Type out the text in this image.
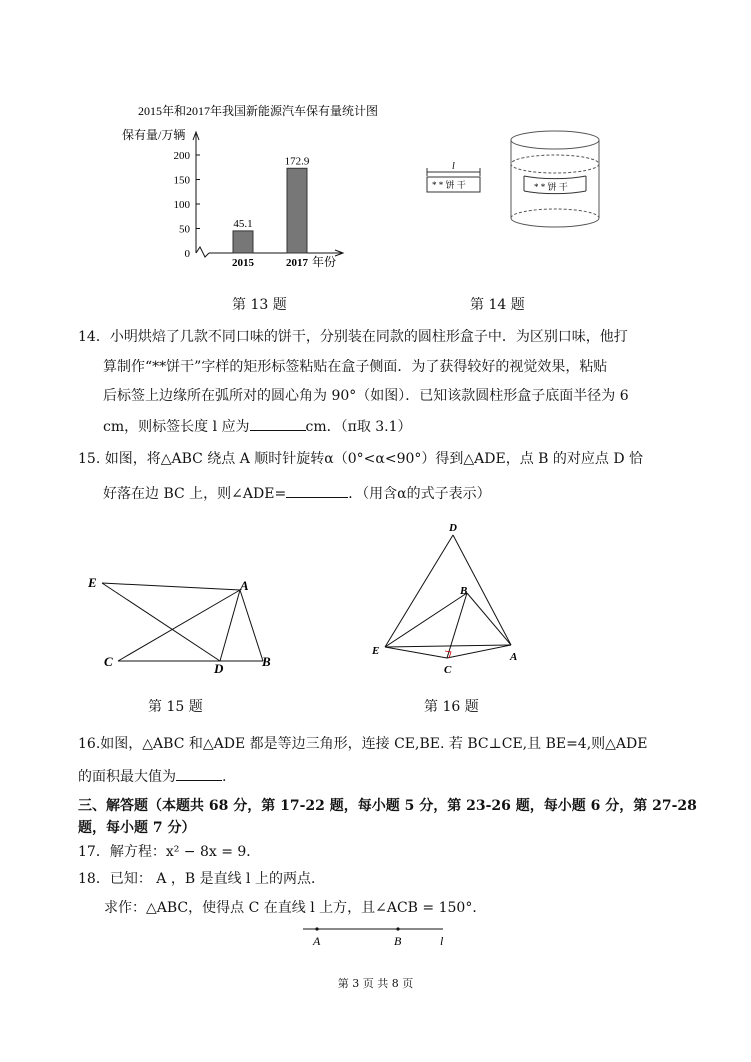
2015年和2017年我国新能源汽车保有量统计图
保有量/万辆
年份
0
50
100
150
200
45.1
2015
172.9
2017
第 13 题
l
* * 饼 干	* * 饼 干
第 14 题
14．小明烘焙了几款不同口味的饼干，分别装在同款的圆柱形盒子中．为区别口味，他打
算制作“**饼干”字样的矩形标签粘贴在盒子侧面．为了获得较好的视觉效果，粘贴
后标签上边缘所在弧所对的圆心角为 90°（如图）．已知该款圆柱形盒子底面半径为 6
cm，则标签长度 l 应为	cm．（π取 3.1）
15. 如图，将△ABC 绕点 A 顺时针旋转α（0°<α<90°）得到△ADE，点 B 的对应点 D 恰
好落在边 BC 上，则∠ADE=	．（用含α的式子表示）
E	A
C	D	B
第 15 题
D
B
E
C
A
第 16 题
16.如图，△ABC 和△ADE 都是等边三角形，连接 CE,BE. 若 BC⊥CE,且 BE=4,则△ADE
的面积最大值为	.
三、解答题（本题共 68 分，第 17-22 题，每小题 5 分，第 23-26 题，每小题 6 分，第 27-28
题，每小题 7 分）
17．解方程：x² − 8x = 9．
18．已知： A ，B 是直线 l 上的两点．
求作：△ABC，使得点 C 在直线 l 上方，且∠ACB = 150°．
A	B	l
第 3 页 共 8 页
